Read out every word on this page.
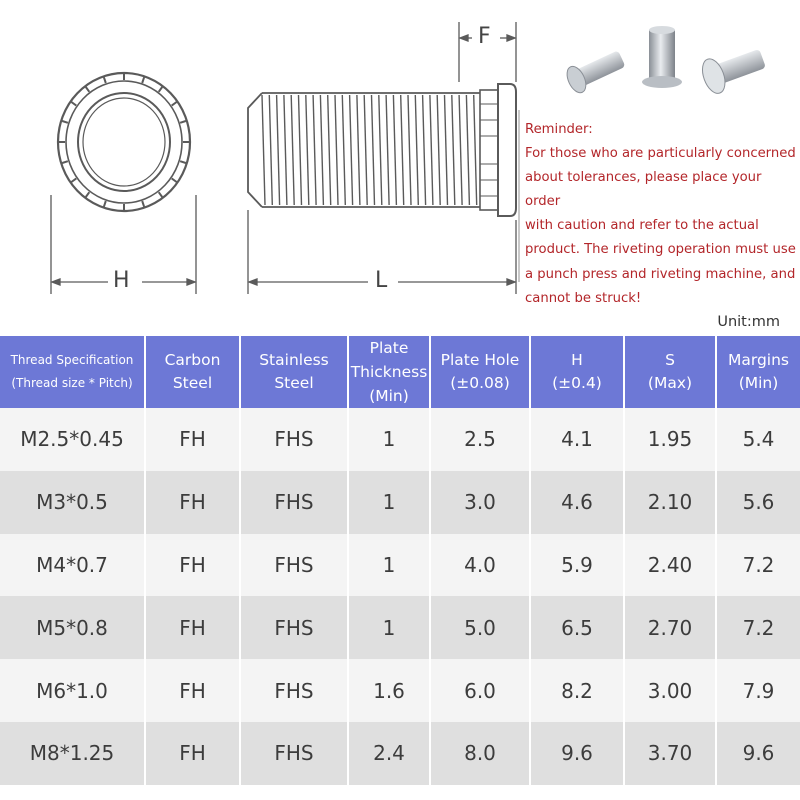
H	L
F
Reminder:
For those who are particularly concerned
about tolerances, please place your order
with caution and refer to the actual
product. The riveting operation must use
a punch press and riveting machine, and
cannot be struck!
Unit:mm
Thread Specification
(Thread size * Pitch)	Carbon
Steel	Stainless
Steel	Plate
Thickness
(Min)	Plate Hole
(±0.08)	H
(±0.4)	S
(Max)	Margins
(Min)

M2.5*0.45	FH	FHS	1	2.5	4.1	1.95	5.4
M3*0.5	FH	FHS	1	3.0	4.6	2.10	5.6
M4*0.7	FH	FHS	1	4.0	5.9	2.40	7.2
M5*0.8	FH	FHS	1	5.0	6.5	2.70	7.2
M6*1.0	FH	FHS	1.6	6.0	8.2	3.00	7.9
M8*1.25	FH	FHS	2.4	8.0	9.6	3.70	9.6
